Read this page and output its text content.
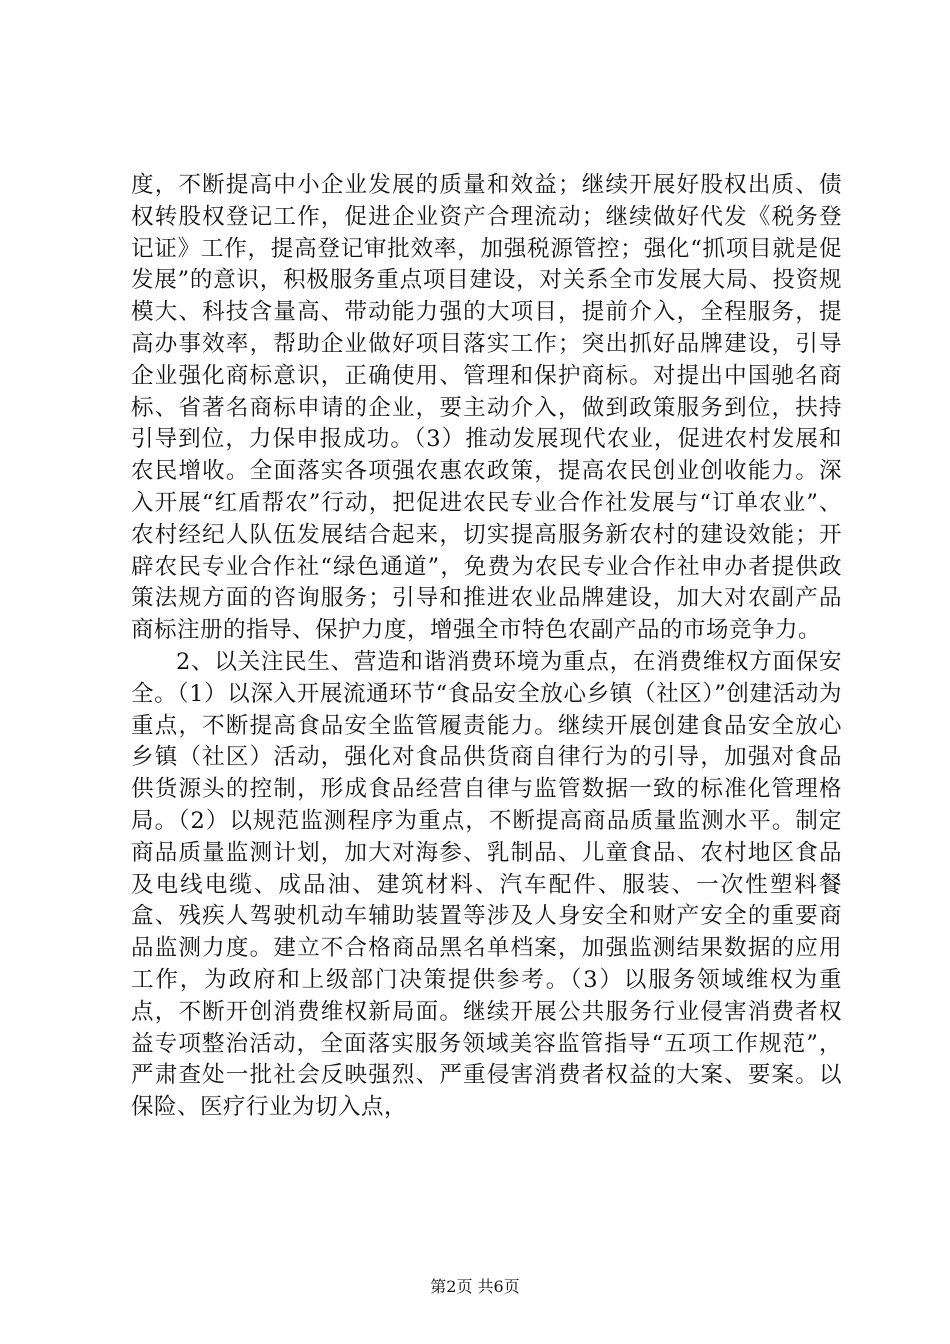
度，不断提高中小企业发展的质量和效益；继续开展好股权出质、债权转股权登记工作，促进企业资产合理流动；继续做好代发《税务登记证》工作，提高登记审批效率，加强税源管控；强化“抓项目就是促发展”的意识，积极服务重点项目建设，对关系全市发展大局、投资规模大、科技含量高、带动能力强的大项目，提前介入，全程服务，提高办事效率，帮助企业做好项目落实工作；突出抓好品牌建设，引导企业强化商标意识，正确使用、管理和保护商标。对提出中国驰名商标、省著名商标申请的企业，要主动介入，做到政策服务到位，扶持引导到位，力保申报成功。（3）推动发展现代农业，促进农村发展和农民增收。全面落实各项强农惠农政策，提高农民创业创收能力。深入开展“红盾帮农”行动，把促进农民专业合作社发展与“订单农业”、农村经纪人队伍发展结合起来，切实提高服务新农村的建设效能；开辟农民专业合作社“绿色通道”，免费为农民专业合作社申办者提供政策法规方面的咨询服务；引导和推进农业品牌建设，加大对农副产品商标注册的指导、保护力度，增强全市特色农副产品的市场竞争力。

2、以关注民生、营造和谐消费环境为重点，在消费维权方面保安全。（1）以深入开展流通环节“食品安全放心乡镇（社区）”创建活动为重点，不断提高食品安全监管履责能力。继续开展创建食品安全放心乡镇（社区）活动，强化对食品供货商自律行为的引导，加强对食品供货源头的控制，形成食品经营自律与监管数据一致的标准化管理格局。（2）以规范监测程序为重点，不断提高商品质量监测水平。制定商品质量监测计划，加大对海参、乳制品、儿童食品、农村地区食品及电线电缆、成品油、建筑材料、汽车配件、服装、一次性塑料餐盒、残疾人驾驶机动车辅助装置等涉及人身安全和财产安全的重要商品监测力度。建立不合格商品黑名单档案，加强监测结果数据的应用工作，为政府和上级部门决策提供参考。（3）以服务领域维权为重点，不断开创消费维权新局面。继续开展公共服务行业侵害消费者权益专项整治活动，全面落实服务领域美容监管指导“五项工作规范”，严肃查处一批社会反映强烈、严重侵害消费者权益的大案、要案。以保险、医疗行业为切入点，

第2页 共6页
